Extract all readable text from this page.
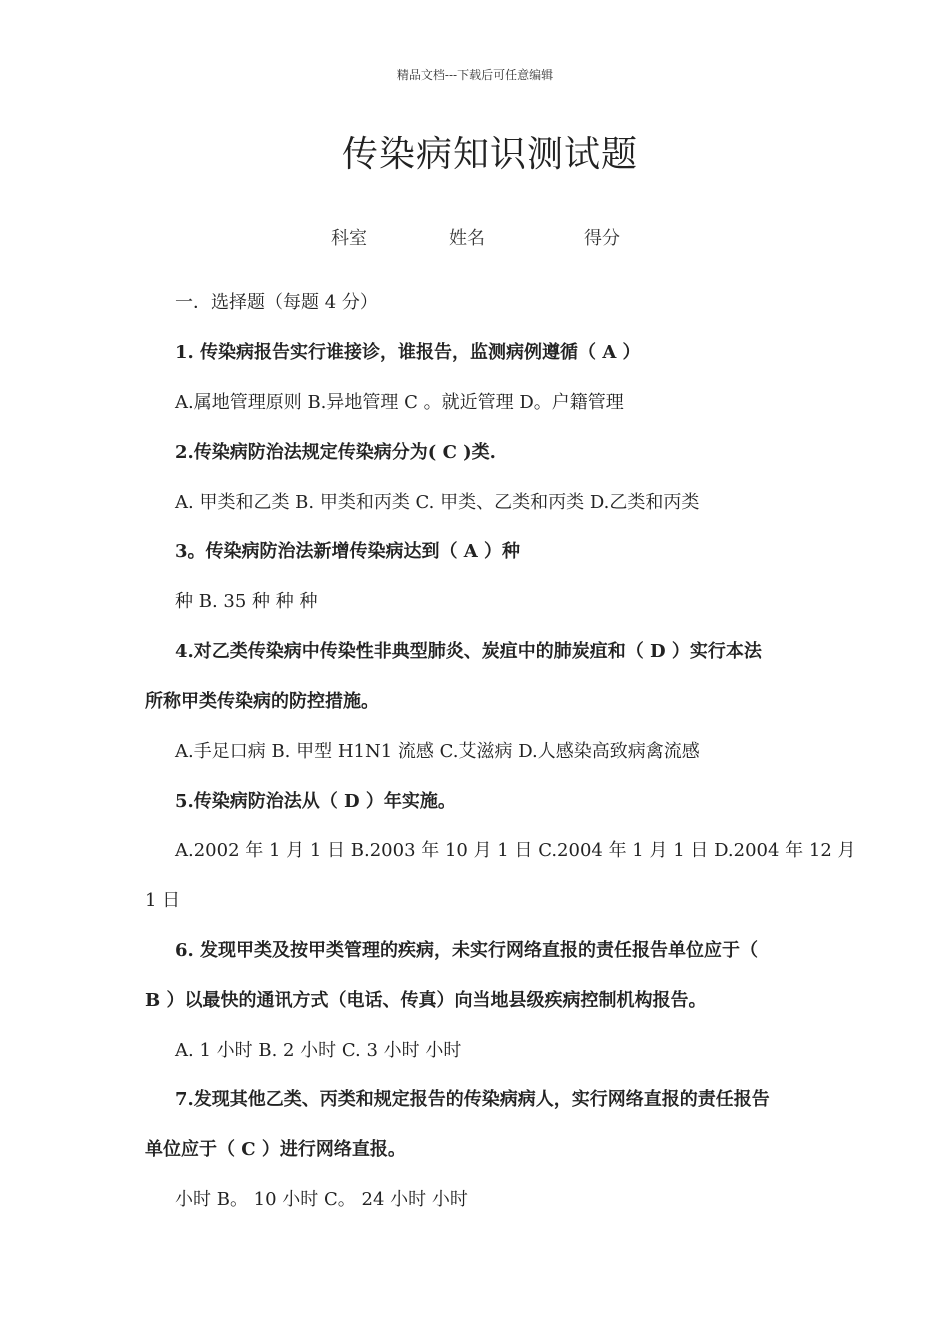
精品文档---下载后可任意编辑
传染病知识测试题
科室	姓名	得分
一．选择题（每题 4 分）
1. 传染病报告实行谁接诊，谁报告，监测病例遵循（ A ）
A.属地管理原则 B.异地管理 C 。就近管理 D。户籍管理
2.传染病防治法规定传染病分为( C )类.
A. 甲类和乙类 B. 甲类和丙类 C. 甲类、乙类和丙类 D.乙类和丙类
3。传染病防治法新增传染病达到（ A ）种
种 B. 35 种 种 种
4.对乙类传染病中传染性非典型肺炎、炭疽中的肺炭疽和（ D ）实行本法
所称甲类传染病的防控措施。
A.手足口病 B. 甲型 H1N1 流感 C.艾滋病 D.人感染高致病禽流感
5.传染病防治法从（ D ）年实施。
A.2002 年 1 月 1 日 B.2003 年 10 月 1 日 C.2004 年 1 月 1 日 D.2004 年 12 月
1 日
6. 发现甲类及按甲类管理的疾病，未实行网络直报的责任报告单位应于（
B ）以最快的通讯方式（电话、传真）向当地县级疾病控制机构报告。
A. 1 小时 B. 2 小时 C. 3 小时 小时
7.发现其他乙类、丙类和规定报告的传染病病人，实行网络直报的责任报告
单位应于（ C ）进行网络直报。
小时 B。 10 小时 C。 24 小时 小时
